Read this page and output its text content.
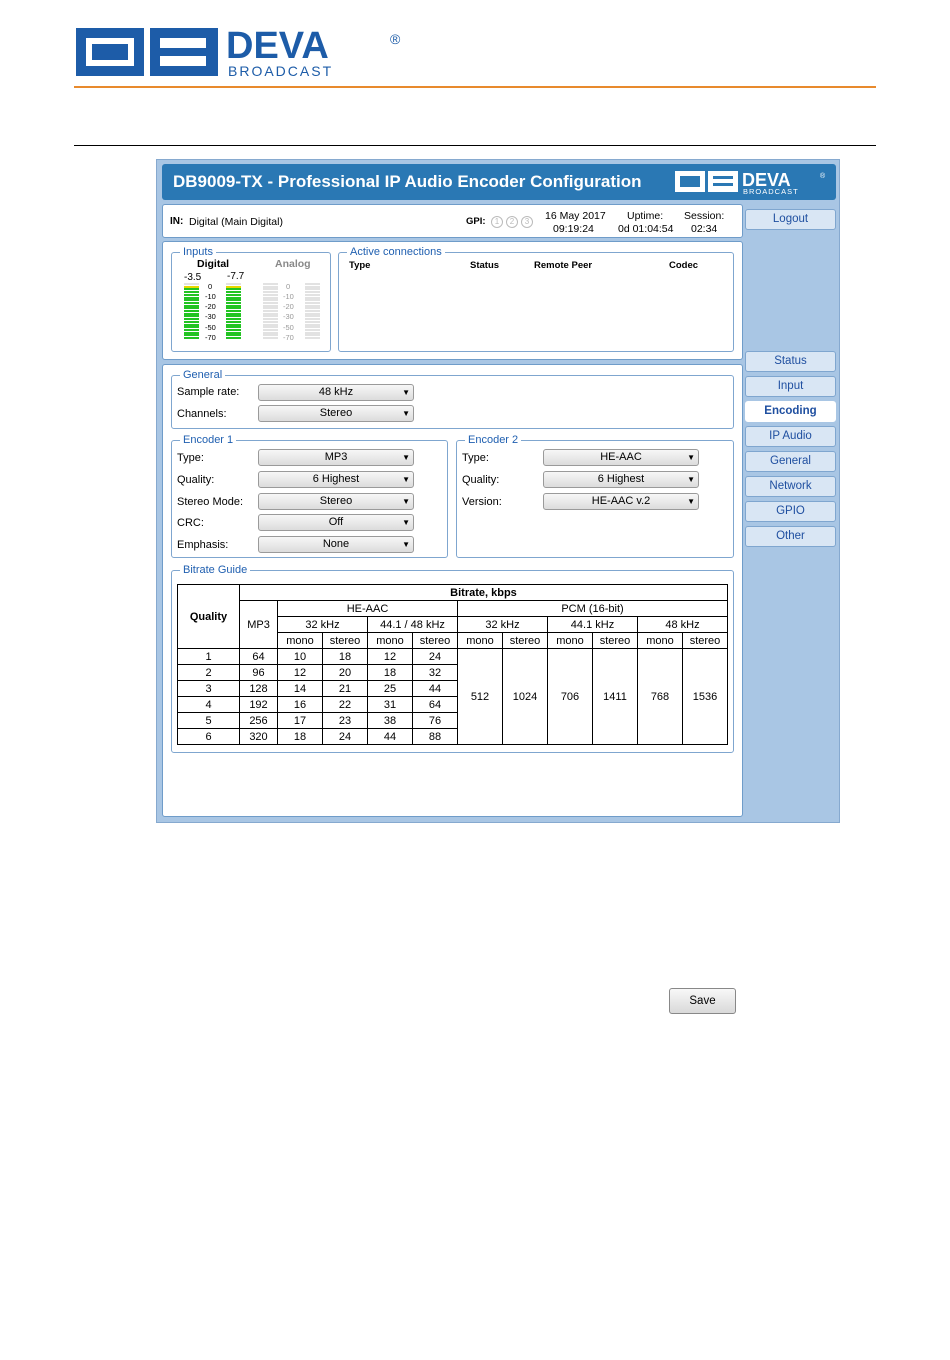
DEVA	®
BROADCAST
DB9009-TX - Professional IP Audio Encoder Configuration	DEVA
BROADCAST
®
IN: Digital (Main Digital)	GPI:	1	2	3	16 May 2017
09:19:24
Uptime:
0d 01:04:54
Session:
02:34
Logout
Status
Input
Encoding
IP Audio
General
Network
GPIO
Other
Inputs
Digital	Analog
-3.5	-7.7
0
-10
-20
-30
-50
-70
0
-10
-20
-30
-50
-70
Active connections
Type	Status	Remote Peer	Codec
General
Sample rate:	48 kHz	▼
Channels:	Stereo	▼
Encoder 1
Type:	MP3	▼
Quality:	6 Highest	▼
Stereo Mode:	Stereo	▼
CRC:	Off	▼
Emphasis:	None	▼
Encoder 2
Type:	HE-AAC	▼
Quality:	6 Highest	▼
Version:	HE-AAC v.2	▼
Bitrate Guide
Quality	Bitrate, kbps										
	MP3	HE-AAC				PCM (16-bit)					
		32 kHz		44.1 / 48 kHz		32 kHz		44.1 kHz		48 kHz	
		mono	stereo	mono	stereo	mono	stereo	mono	stereo	mono	stereo
1	64	10	18	12	24	512	1024	706	1411	768	1536
2	96	12	20	18	32						
3	128	14	21	25	44						
4	192	16	22	31	64						
5	256	17	23	38	76						
6	320	18	24	44	88						
Save
